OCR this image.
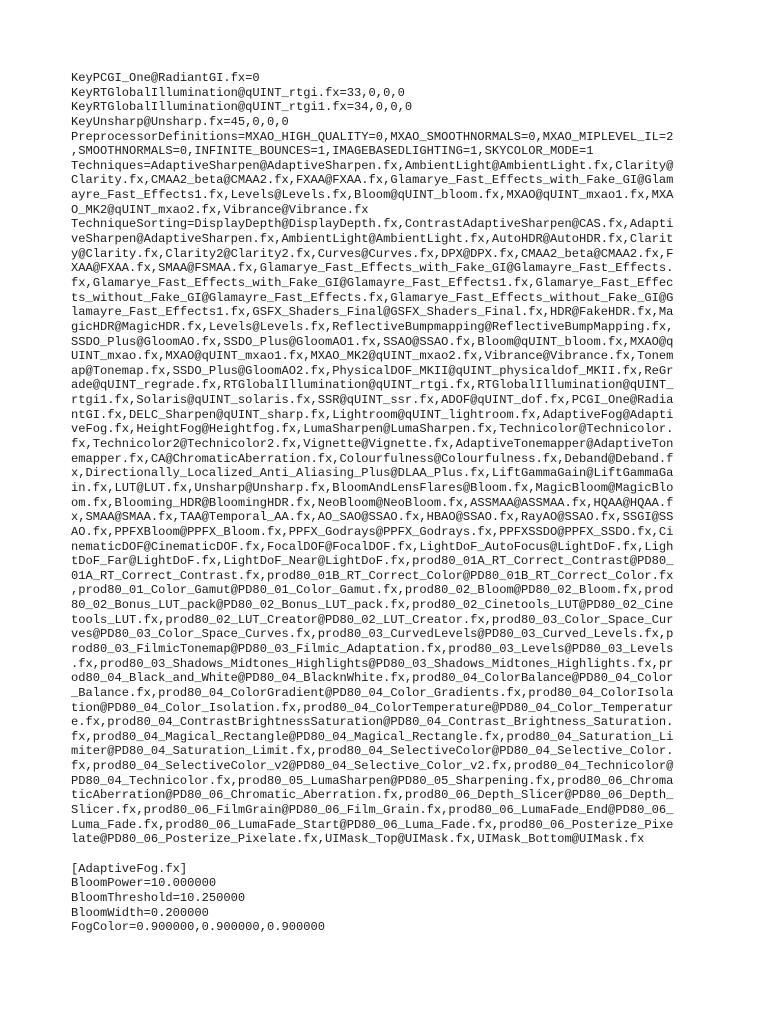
KeyPCGI_One@RadiantGI.fx=0
KeyRTGlobalIllumination@qUINT_rtgi.fx=33,0,0,0
KeyRTGlobalIllumination@qUINT_rtgi1.fx=34,0,0,0
KeyUnsharp@Unsharp.fx=45,0,0,0
PreprocessorDefinitions=MXAO_HIGH_QUALITY=0,MXAO_SMOOTHNORMALS=0,MXAO_MIPLEVEL_IL=2
,SMOOTHNORMALS=0,INFINITE_BOUNCES=1,IMAGEBASEDLIGHTING=1,SKYCOLOR_MODE=1
Techniques=AdaptiveSharpen@AdaptiveSharpen.fx,AmbientLight@AmbientLight.fx,Clarity@
Clarity.fx,CMAA2_beta@CMAA2.fx,FXAA@FXAA.fx,Glamarye_Fast_Effects_with_Fake_GI@Glam
ayre_Fast_Effects1.fx,Levels@Levels.fx,Bloom@qUINT_bloom.fx,MXAO@qUINT_mxao1.fx,MXA
O_MK2@qUINT_mxao2.fx,Vibrance@Vibrance.fx
TechniqueSorting=DisplayDepth@DisplayDepth.fx,ContrastAdaptiveSharpen@CAS.fx,Adapti
veSharpen@AdaptiveSharpen.fx,AmbientLight@AmbientLight.fx,AutoHDR@AutoHDR.fx,Clarit
y@Clarity.fx,Clarity2@Clarity2.fx,Curves@Curves.fx,DPX@DPX.fx,CMAA2_beta@CMAA2.fx,F
XAA@FXAA.fx,SMAA@FSMAA.fx,Glamarye_Fast_Effects_with_Fake_GI@Glamayre_Fast_Effects.
fx,Glamarye_Fast_Effects_with_Fake_GI@Glamayre_Fast_Effects1.fx,Glamarye_Fast_Effec
ts_without_Fake_GI@Glamayre_Fast_Effects.fx,Glamarye_Fast_Effects_without_Fake_GI@G
lamayre_Fast_Effects1.fx,GSFX_Shaders_Final@GSFX_Shaders_Final.fx,HDR@FakeHDR.fx,Ma
gicHDR@MagicHDR.fx,Levels@Levels.fx,ReflectiveBumpmapping@ReflectiveBumpMapping.fx,
SSDO_Plus@GloomAO.fx,SSDO_Plus@GloomAO1.fx,SSAO@SSAO.fx,Bloom@qUINT_bloom.fx,MXAO@q
UINT_mxao.fx,MXAO@qUINT_mxao1.fx,MXAO_MK2@qUINT_mxao2.fx,Vibrance@Vibrance.fx,Tonem
ap@Tonemap.fx,SSDO_Plus@GloomAO2.fx,PhysicalDOF_MKII@qUINT_physicaldof_MKII.fx,ReGr
ade@qUINT_regrade.fx,RTGlobalIllumination@qUINT_rtgi.fx,RTGlobalIllumination@qUINT_
rtgi1.fx,Solaris@qUINT_solaris.fx,SSR@qUINT_ssr.fx,ADOF@qUINT_dof.fx,PCGI_One@Radia
ntGI.fx,DELC_Sharpen@qUINT_sharp.fx,Lightroom@qUINT_lightroom.fx,AdaptiveFog@Adapti
veFog.fx,HeightFog@Heightfog.fx,LumaSharpen@LumaSharpen.fx,Technicolor@Technicolor.
fx,Technicolor2@Technicolor2.fx,Vignette@Vignette.fx,AdaptiveTonemapper@AdaptiveTon
emapper.fx,CA@ChromaticAberration.fx,Colourfulness@Colourfulness.fx,Deband@Deband.f
x,Directionally_Localized_Anti_Aliasing_Plus@DLAA_Plus.fx,LiftGammaGain@LiftGammaGa
in.fx,LUT@LUT.fx,Unsharp@Unsharp.fx,BloomAndLensFlares@Bloom.fx,MagicBloom@MagicBlo
om.fx,Blooming_HDR@BloomingHDR.fx,NeoBloom@NeoBloom.fx,ASSMAA@ASSMAA.fx,HQAA@HQAA.f
x,SMAA@SMAA.fx,TAA@Temporal_AA.fx,AO_SAO@SSAO.fx,HBAO@SSAO.fx,RayAO@SSAO.fx,SSGI@SS
AO.fx,PPFXBloom@PPFX_Bloom.fx,PPFX_Godrays@PPFX_Godrays.fx,PPFXSSDO@PPFX_SSDO.fx,Ci
nematicDOF@CinematicDOF.fx,FocalDOF@FocalDOF.fx,LightDoF_AutoFocus@LightDoF.fx,Ligh
tDoF_Far@LightDoF.fx,LightDoF_Near@LightDoF.fx,prod80_01A_RT_Correct_Contrast@PD80_
01A_RT_Correct_Contrast.fx,prod80_01B_RT_Correct_Color@PD80_01B_RT_Correct_Color.fx
,prod80_01_Color_Gamut@PD80_01_Color_Gamut.fx,prod80_02_Bloom@PD80_02_Bloom.fx,prod
80_02_Bonus_LUT_pack@PD80_02_Bonus_LUT_pack.fx,prod80_02_Cinetools_LUT@PD80_02_Cine
tools_LUT.fx,prod80_02_LUT_Creator@PD80_02_LUT_Creator.fx,prod80_03_Color_Space_Cur
ves@PD80_03_Color_Space_Curves.fx,prod80_03_CurvedLevels@PD80_03_Curved_Levels.fx,p
rod80_03_FilmicTonemap@PD80_03_Filmic_Adaptation.fx,prod80_03_Levels@PD80_03_Levels
.fx,prod80_03_Shadows_Midtones_Highlights@PD80_03_Shadows_Midtones_Highlights.fx,pr
od80_04_Black_and_White@PD80_04_BlacknWhite.fx,prod80_04_ColorBalance@PD80_04_Color
_Balance.fx,prod80_04_ColorGradient@PD80_04_Color_Gradients.fx,prod80_04_ColorIsola
tion@PD80_04_Color_Isolation.fx,prod80_04_ColorTemperature@PD80_04_Color_Temperatur
e.fx,prod80_04_ContrastBrightnessSaturation@PD80_04_Contrast_Brightness_Saturation.
fx,prod80_04_Magical_Rectangle@PD80_04_Magical_Rectangle.fx,prod80_04_Saturation_Li
miter@PD80_04_Saturation_Limit.fx,prod80_04_SelectiveColor@PD80_04_Selective_Color.
fx,prod80_04_SelectiveColor_v2@PD80_04_Selective_Color_v2.fx,prod80_04_Technicolor@
PD80_04_Technicolor.fx,prod80_05_LumaSharpen@PD80_05_Sharpening.fx,prod80_06_Chroma
ticAberration@PD80_06_Chromatic_Aberration.fx,prod80_06_Depth_Slicer@PD80_06_Depth_
Slicer.fx,prod80_06_FilmGrain@PD80_06_Film_Grain.fx,prod80_06_LumaFade_End@PD80_06_
Luma_Fade.fx,prod80_06_LumaFade_Start@PD80_06_Luma_Fade.fx,prod80_06_Posterize_Pixe
late@PD80_06_Posterize_Pixelate.fx,UIMask_Top@UIMask.fx,UIMask_Bottom@UIMask.fx
[AdaptiveFog.fx]
BloomPower=10.000000
BloomThreshold=10.250000
BloomWidth=0.200000
FogColor=0.900000,0.900000,0.900000
